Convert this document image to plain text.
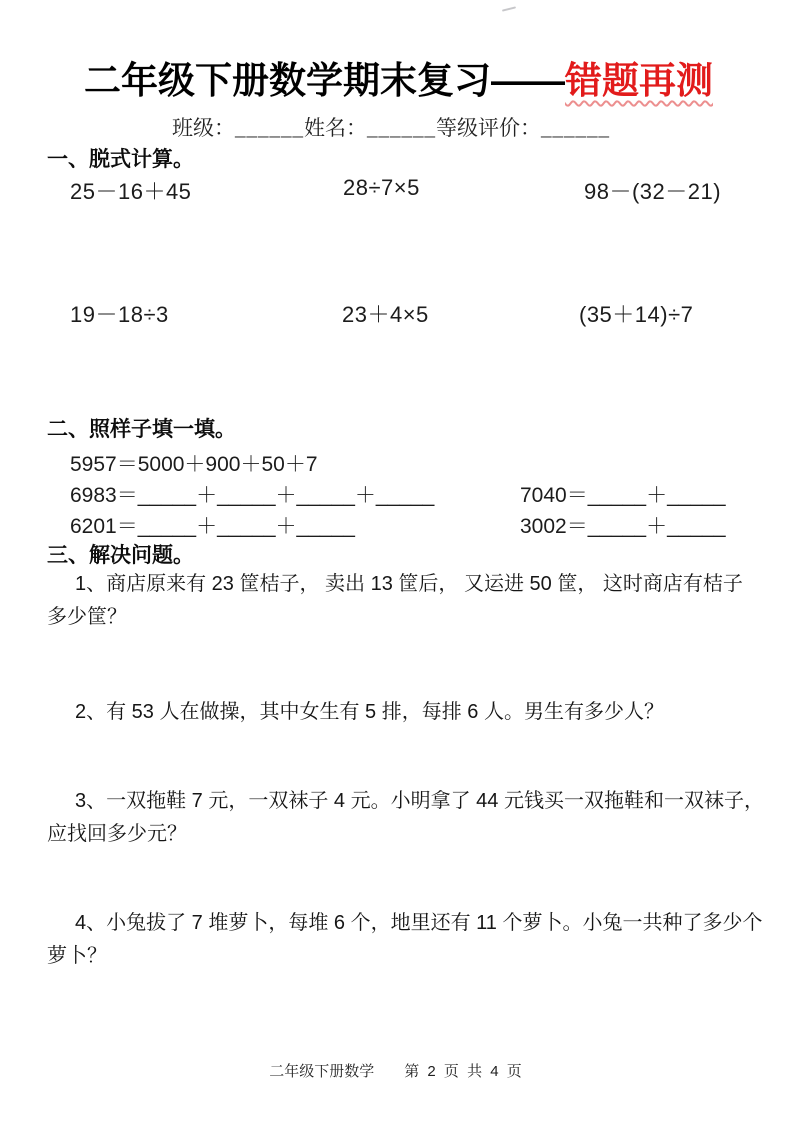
二年级下册数学期末复习——错题再测
班级：______姓名：______等级评价：______
一、脱式计算。
25－16＋45	28÷7×5	98－(32－21)
19－18÷3	23＋4×5	(35＋14)÷7
二、照样子填一填。
5957＝5000＋900＋50＋7
6983＝_____＋_____＋_____＋_____	7040＝_____＋_____
6201＝_____＋_____＋_____	3002＝_____＋_____
三、解决问题。
1、商店原来有 23 筐桔子， 卖出 13 筐后， 又运进 50 筐， 这时商店有桔子
多少筐？
2、有 53 人在做操，其中女生有 5 排，每排 6 人。男生有多少人？
3、一双拖鞋 7 元，一双袜子 4 元。小明拿了 44 元钱买一双拖鞋和一双袜子，
应找回多少元？
4、小兔拔了 7 堆萝卜，每堆 6 个，地里还有 11 个萝卜。小兔一共种了多少个
萝卜？
二年级下册数学 第 2 页 共 4 页
